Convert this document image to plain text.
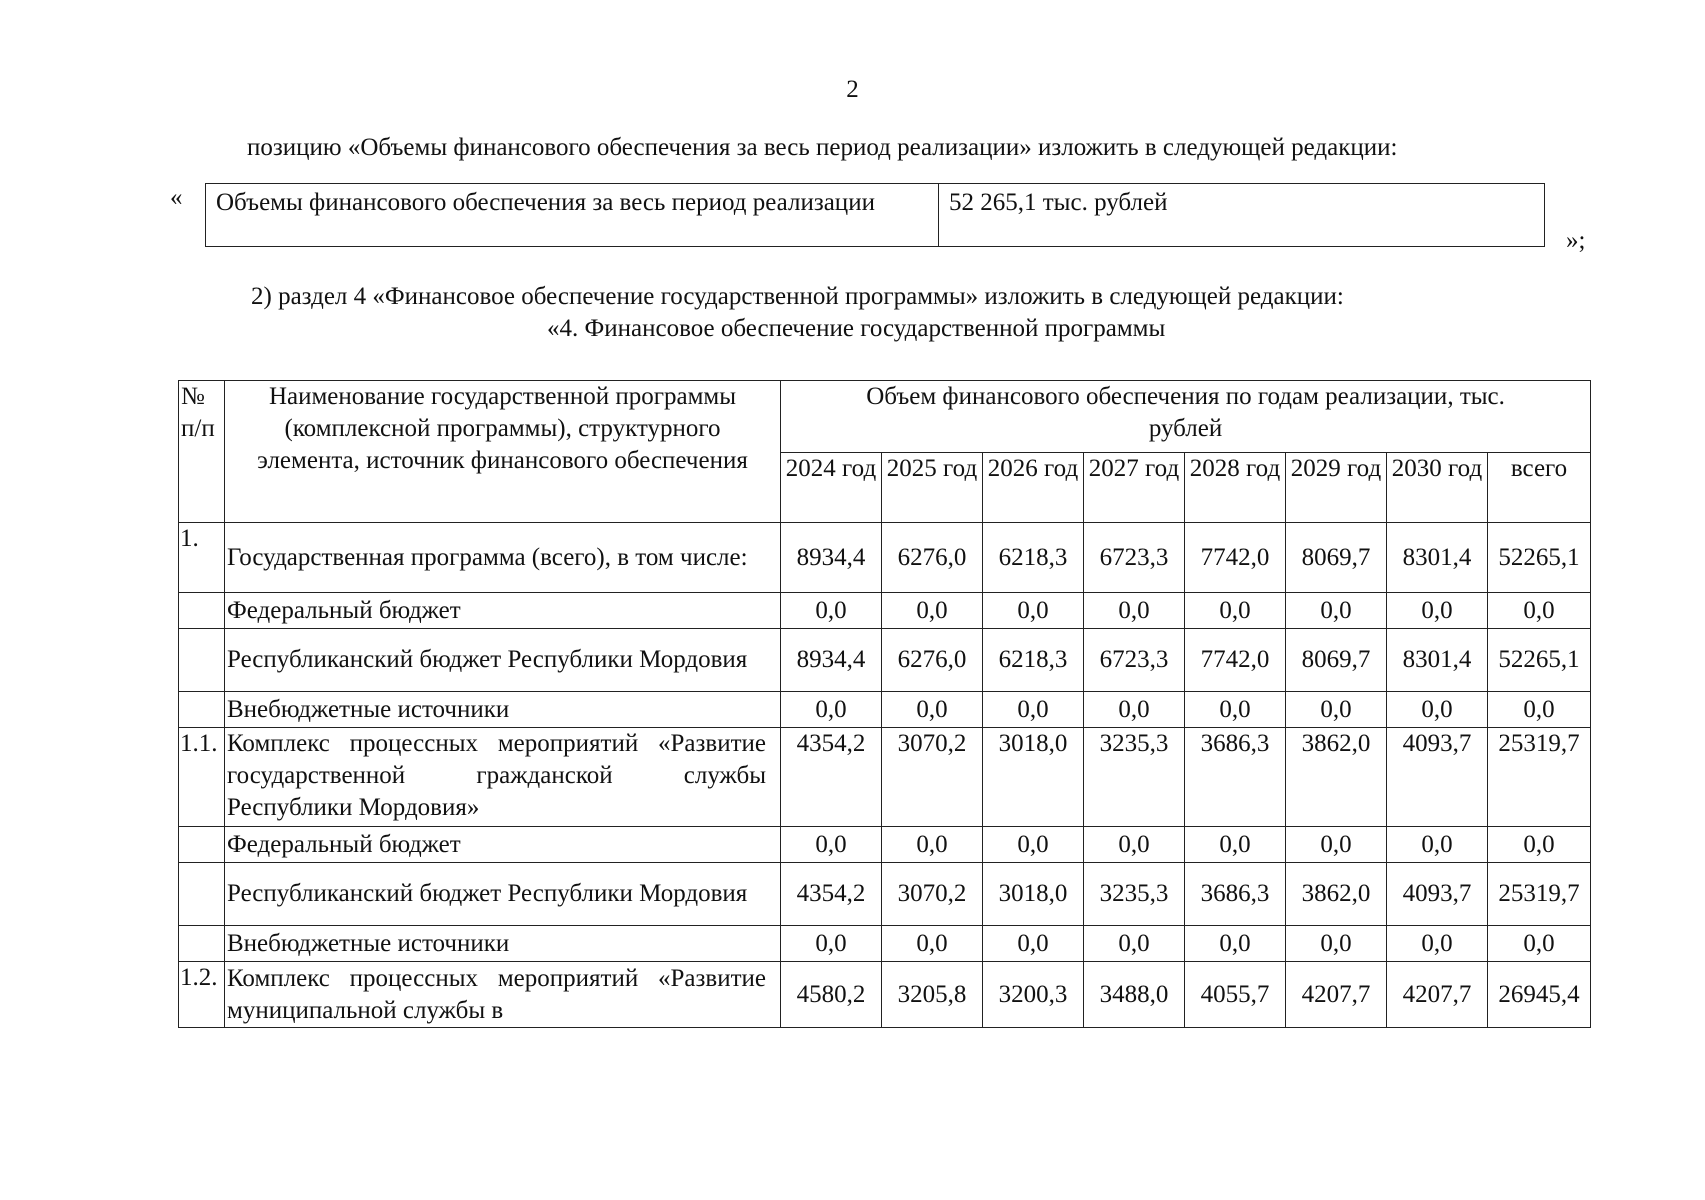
2
позицию «Объемы финансового обеспечения за весь период реализации» изложить в следующей редакции:
«	Объемы финансового обеспечения за весь период реализации	52 265,1 тыс. рублей
»;
2) раздел 4 «Финансовое обеспечение государственной программы» изложить в следующей редакции:
«4. Финансовое обеспечение государственной программы
№ п/п	Наименование государственной программы (комплексной программы), структурного элемента, источник финансового обеспечения	Объем финансового обеспечения по годам реализации, тыс. рублей							
		2024 год	2025 год	2026 год	2027 год	2028 год	2029 год	2030 год	всего
1.	Государственная программа (всего), в том числе:	8934,4	6276,0	6218,3	6723,3	7742,0	8069,7	8301,4	52265,1
	Федеральный бюджет	0,0	0,0	0,0	0,0	0,0	0,0	0,0	0,0
	Республиканский бюджет Республики Мордовия	8934,4	6276,0	6218,3	6723,3	7742,0	8069,7	8301,4	52265,1
	Внебюджетные источники	0,0	0,0	0,0	0,0	0,0	0,0	0,0	0,0
1.1.	Комплекс процессных мероприятий «Развитие государственной гражданской службы Республики Мордовия»	4354,2	3070,2	3018,0	3235,3	3686,3	3862,0	4093,7	25319,7
	Федеральный бюджет	0,0	0,0	0,0	0,0	0,0	0,0	0,0	0,0
	Республиканский бюджет Республики Мордовия	4354,2	3070,2	3018,0	3235,3	3686,3	3862,0	4093,7	25319,7
	Внебюджетные источники	0,0	0,0	0,0	0,0	0,0	0,0	0,0	0,0
1.2.	Комплекс процессных мероприятий «Развитие муниципальной службы в	4580,2	3205,8	3200,3	3488,0	4055,7	4207,7	4207,7	26945,4
